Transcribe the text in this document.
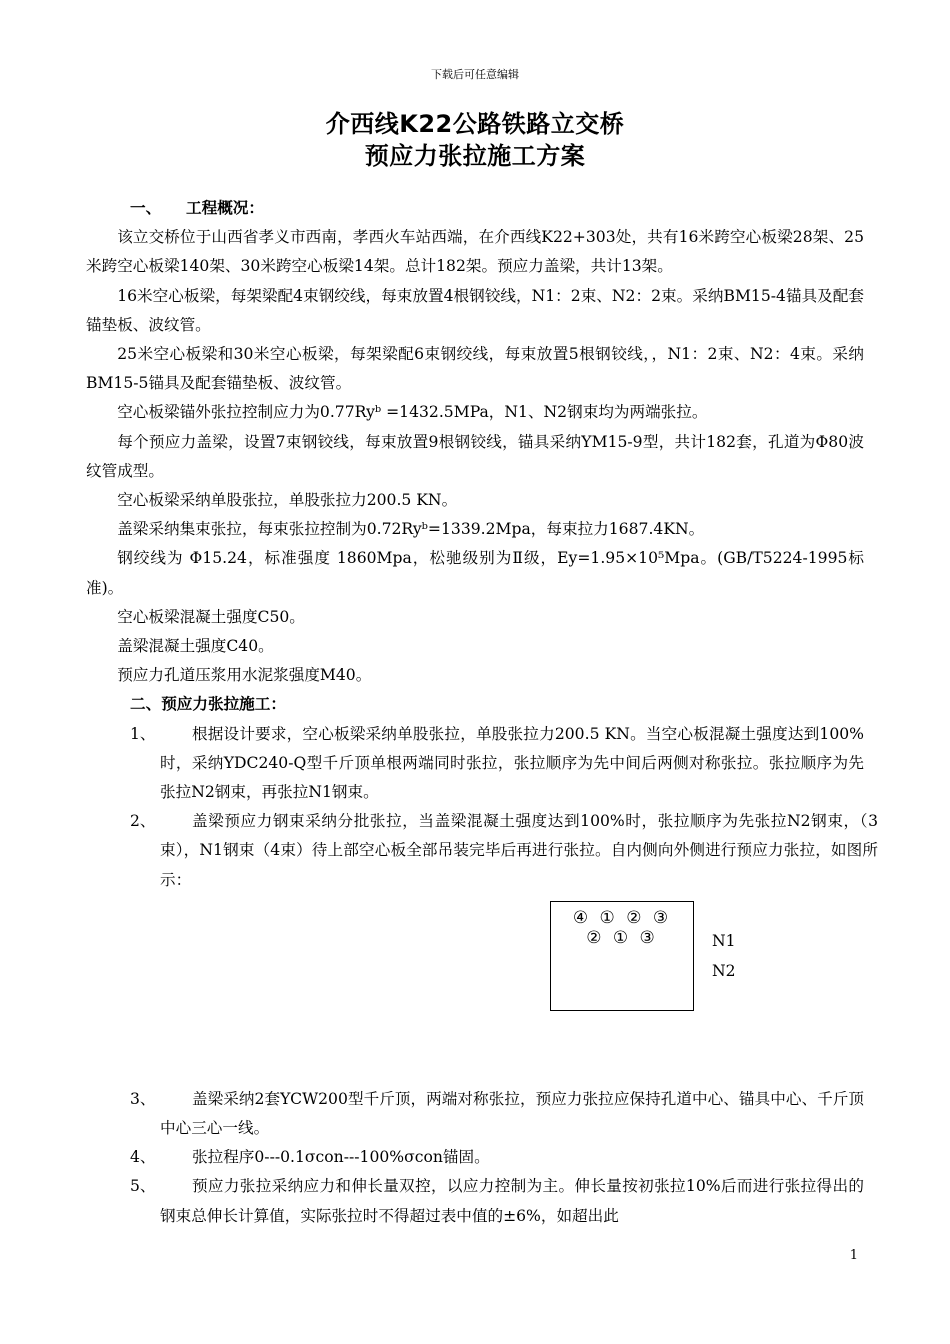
下载后可任意编辑
介西线K22公路铁路立交桥
预应力张拉施工方案
一、 工程概况：
该立交桥位于山西省孝义市西南，孝西火车站西端，在介西线K22+303处，共有16米跨空心板梁28架、25米跨空心板梁140架、30米跨空心板梁14架。总计182架。预应力盖梁，共计13架。
16米空心板梁，每架梁配4束钢绞线，每束放置4根钢铰线，N1：2束、N2：2束。采纳BM15-4锚具及配套锚垫板、波纹管。
25米空心板梁和30米空心板梁，每架梁配6束钢绞线，每束放置5根钢铰线，，N1：2束、N2：4束。采纳BM15-5锚具及配套锚垫板、波纹管。
空心板梁锚外张拉控制应力为0.77Ryᵇ =1432.5MPa，N1、N2钢束均为两端张拉。
每个预应力盖梁，设置7束钢铰线，每束放置9根钢铰线，锚具采纳YM15-9型，共计182套，孔道为Φ80波纹管成型。
空心板梁采纳单股张拉，单股张拉力200.5 KN。
盖梁采纳集束张拉，每束张拉控制为0.72Ryᵇ=1339.2Mpa，每束拉力1687.4KN。
钢绞线为 Φ15.24，标准强度 1860Mpa，松驰级别为Ⅱ级，Ey=1.95×10⁵Mpa。(GB/T5224-1995标准)。
空心板梁混凝土强度C50。
盖梁混凝土强度C40。
预应力孔道压浆用水泥浆强度M40。
二、预应力张拉施工：
1、 根据设计要求，空心板梁采纳单股张拉，单股张拉力200.5 KN。当空心板混凝土强度达到100%时，采纳YDC240-Q型千斤顶单根两端同时张拉，张拉顺序为先中间后两侧对称张拉。张拉顺序为先张拉N2钢束，再张拉N1钢束。
2、 盖梁预应力钢束采纳分批张拉，当盖梁混凝土强度达到100%时，张拉顺序为先张拉N2钢束，（3束），N1钢束（4束）待上部空心板全部吊装完毕后再进行张拉。自内侧向外侧进行预应力张拉，如图所示：
④ ① ② ③
② ① ③	N1
N2
3、 盖梁采纳2套YCW200型千斤顶，两端对称张拉，预应力张拉应保持孔道中心、锚具中心、千斤顶中心三心一线。
4、 张拉程序0---0.1σcon---100%σcon锚固。
5、 预应力张拉采纳应力和伸长量双控，以应力控制为主。伸长量按初张拉10%后而进行张拉得出的钢束总伸长计算值，实际张拉时不得超过表中值的±6%，如超出此
1
